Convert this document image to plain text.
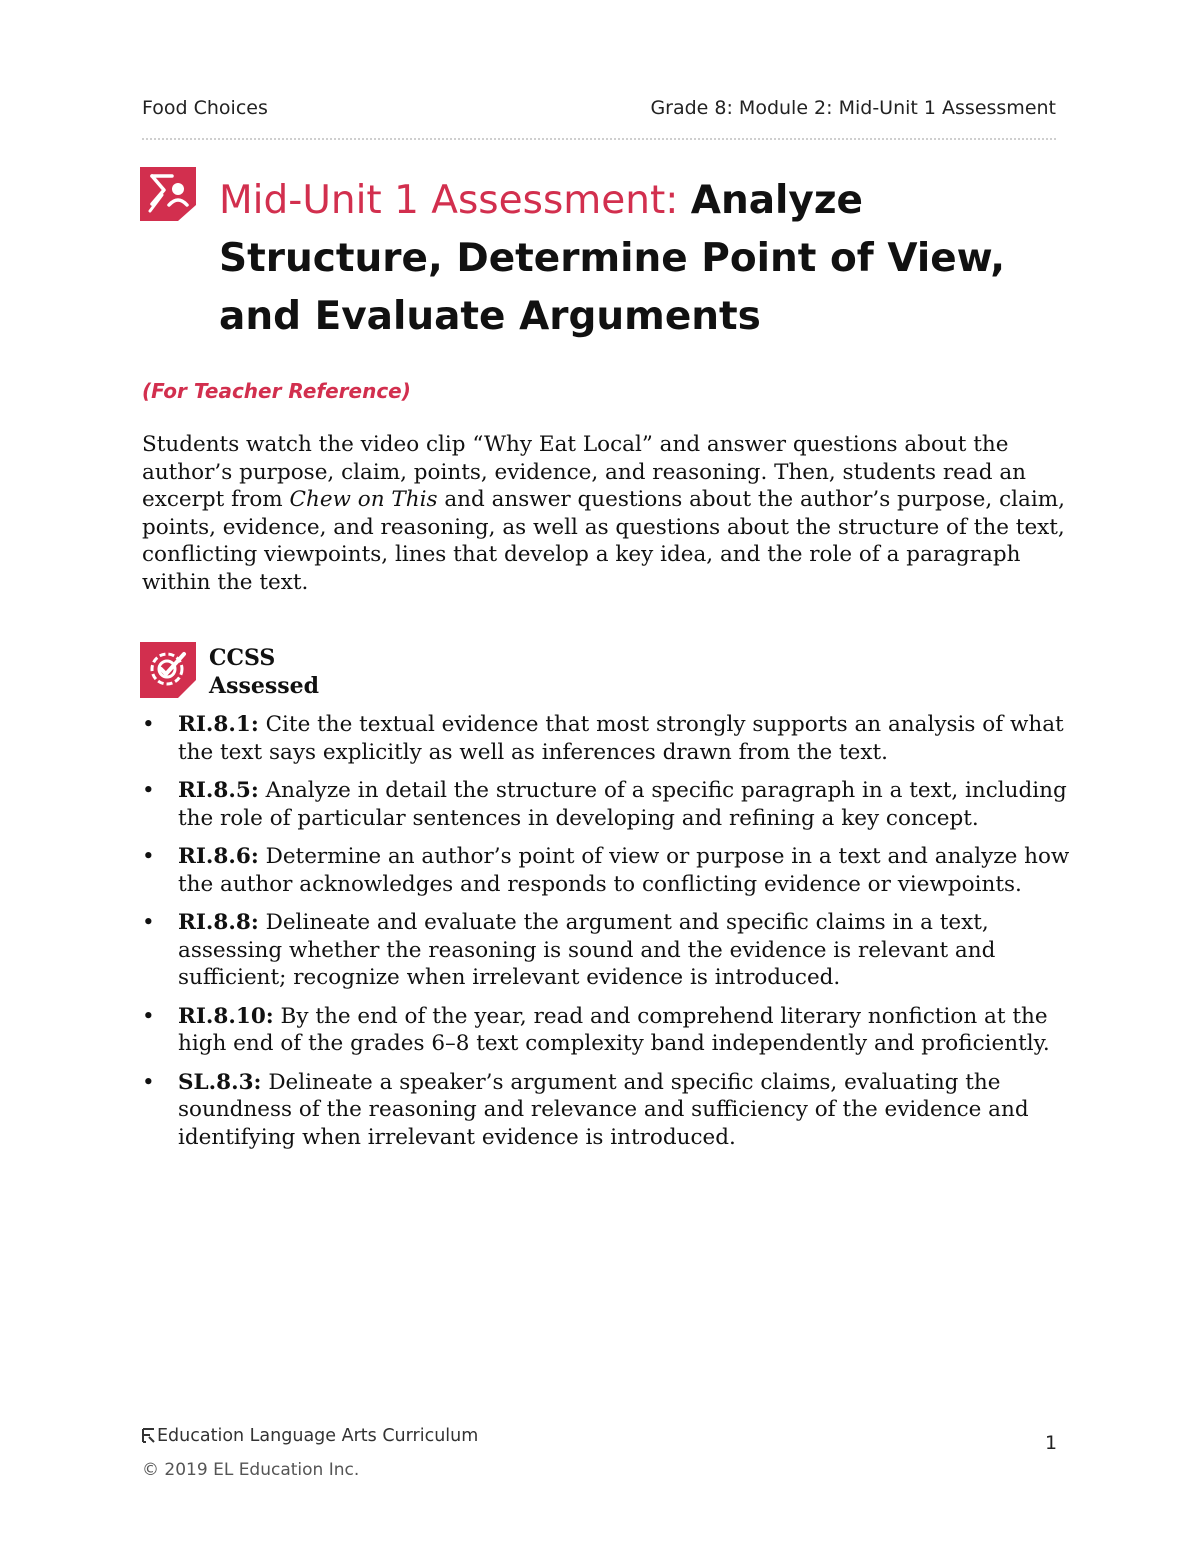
Food Choices	Grade 8: Module 2: Mid-Unit 1 Assessment
Mid-Unit 1 Assessment: Analyze Structure, Determine Point of View, and Evaluate Arguments
(For Teacher Reference)
Students watch the video clip “Why Eat Local” and answer questions about the author’s purpose, claim, points, evidence, and reasoning. Then, students read an excerpt from Chew on This and answer questions about the author’s purpose, claim, points, evidence, and reasoning, as well as questions about the structure of the text, conflicting viewpoints, lines that develop a key idea, and the role of a paragraph within the text.
CCSS
Assessed
•	RI.8.1: Cite the textual evidence that most strongly supports an analysis of what the text says explicitly as well as inferences drawn from the text.
•	RI.8.5: Analyze in detail the structure of a specific paragraph in a text, including the role of particular sentences in developing and refining a key concept.
•	RI.8.6: Determine an author’s point of view or purpose in a text and analyze how the author acknowledges and responds to conflicting evidence or viewpoints.
•	RI.8.8: Delineate and evaluate the argument and specific claims in a text, assessing whether the reasoning is sound and the evidence is relevant and sufficient; recognize when irrelevant evidence is introduced.
•	RI.8.10: By the end of the year, read and comprehend literary nonfiction at the high end of the grades 6–8 text complexity band independently and proficiently.
•	SL.8.3: Delineate a speaker’s argument and specific claims, evaluating the soundness of the reasoning and relevance and sufficiency of the evidence and identifying when irrelevant evidence is introduced.
Education Language Arts Curriculum
© 2019 EL Education Inc.
1
